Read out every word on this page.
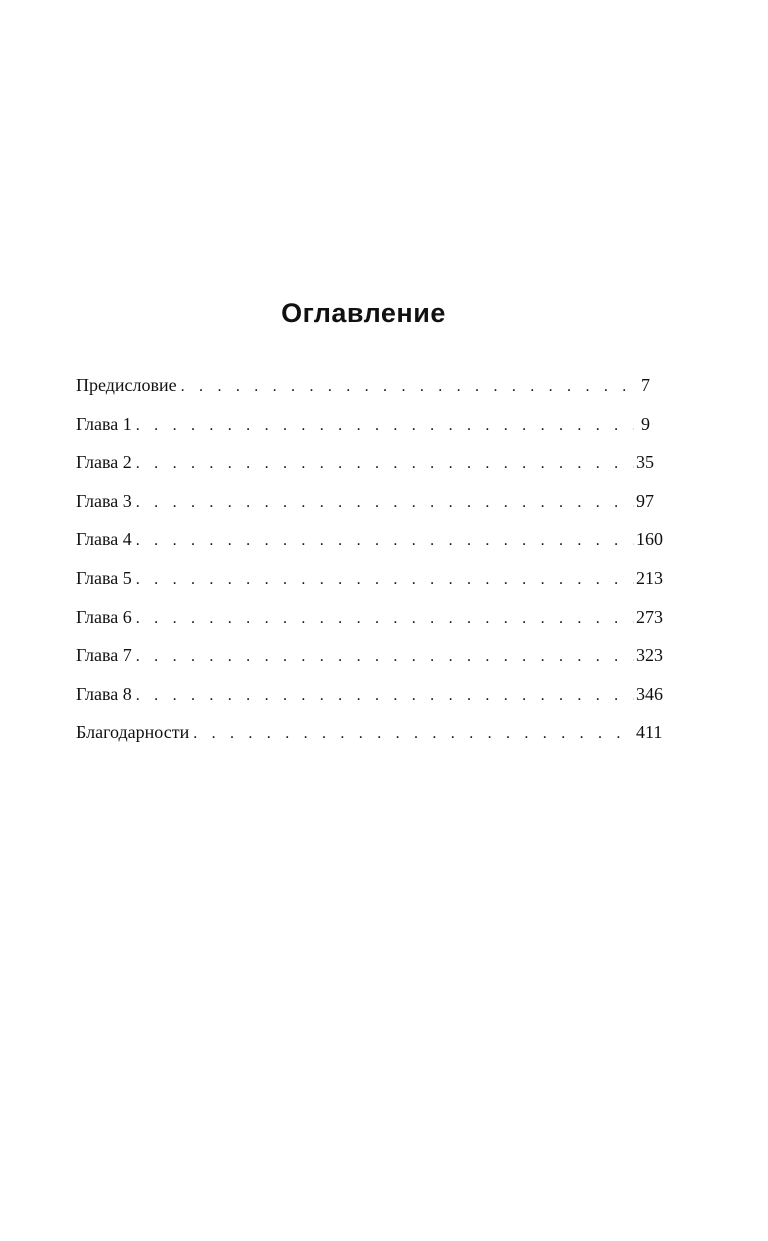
Оглавление
Предисловие . . .	7
Глава 1 . . .	9
Глава 2 . . .	35
Глава 3 . . .	97
Глава 4 . . .	160
Глава 5 . . .	213
Глава 6 . . .	273
Глава 7 . . .	323
Глава 8 . . .	346
Благодарности . . .	411
